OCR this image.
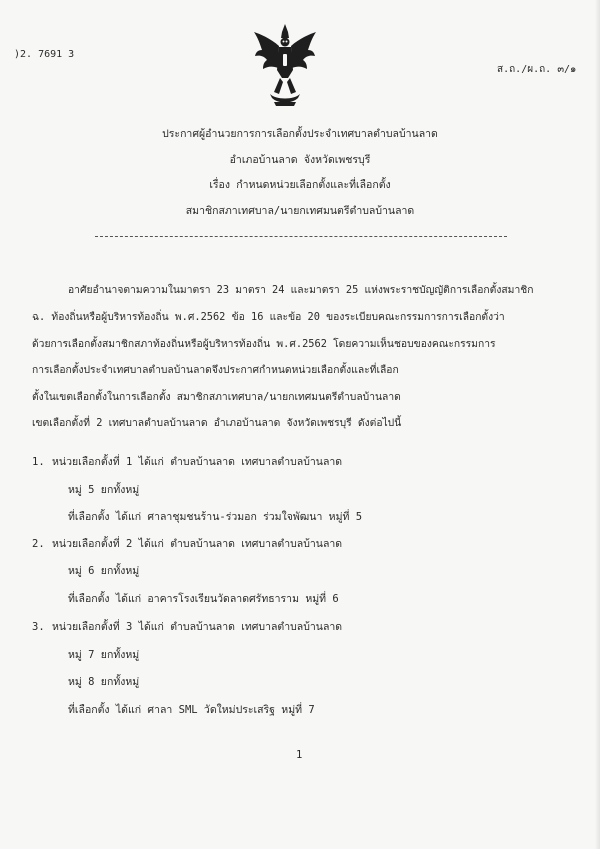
)2. 7691 3
ส.ถ./ผ.ถ. ๓/๑
ประกาศผู้อำนวยการการเลือกตั้งประจำเทศบาลตำบลบ้านลาด
อำเภอบ้านลาด จังหวัดเพชรบุรี
เรื่อง กำหนดหน่วยเลือกตั้งและที่เลือกตั้ง
สมาชิกสภาเทศบาล/นายกเทศมนตรีตำบลบ้านลาด
อาศัยอำนาจตามความในมาตรา 23 มาตรา 24 และมาตรา 25 แห่งพระราชบัญญัติการเลือกตั้งสมาชิก
ฉ. ท้องถิ่นหรือผู้บริหารท้องถิ่น พ.ศ.2562 ข้อ 16 และข้อ 20 ของระเบียบคณะกรรมการการเลือกตั้งว่า
ด้วยการเลือกตั้งสมาชิกสภาท้องถิ่นหรือผู้บริหารท้องถิ่น พ.ศ.2562 โดยความเห็นชอบของคณะกรรมการ
การเลือกตั้งประจำเทศบาลตำบลบ้านลาดจึงประกาศกำหนดหน่วยเลือกตั้งและที่เลือก
ตั้งในเขตเลือกตั้งในการเลือกตั้ง สมาชิกสภาเทศบาล/นายกเทศมนตรีตำบลบ้านลาด
เขตเลือกตั้งที่ 2 เทศบาลตำบลบ้านลาด อำเภอบ้านลาด จังหวัดเพชรบุรี ดังต่อไปนี้
1. หน่วยเลือกตั้งที่ 1 ได้แก่ ตำบลบ้านลาด เทศบาลตำบลบ้านลาด
หมู่ 5 ยกทั้งหมู่
ที่เลือกตั้ง ได้แก่ ศาลาชุมชนร้าน-ร่วมอก ร่วมใจพัฒนา หมู่ที่ 5
2. หน่วยเลือกตั้งที่ 2 ได้แก่ ตำบลบ้านลาด เทศบาลตำบลบ้านลาด
หมู่ 6 ยกทั้งหมู่
ที่เลือกตั้ง ได้แก่ อาคารโรงเรียนวัดลาดศรัทธาราม หมู่ที่ 6
3. หน่วยเลือกตั้งที่ 3 ได้แก่ ตำบลบ้านลาด เทศบาลตำบลบ้านลาด
หมู่ 7 ยกทั้งหมู่
หมู่ 8 ยกทั้งหมู่
ที่เลือกตั้ง ได้แก่ ศาลา SML วัดใหม่ประเสริฐ หมู่ที่ 7
1
